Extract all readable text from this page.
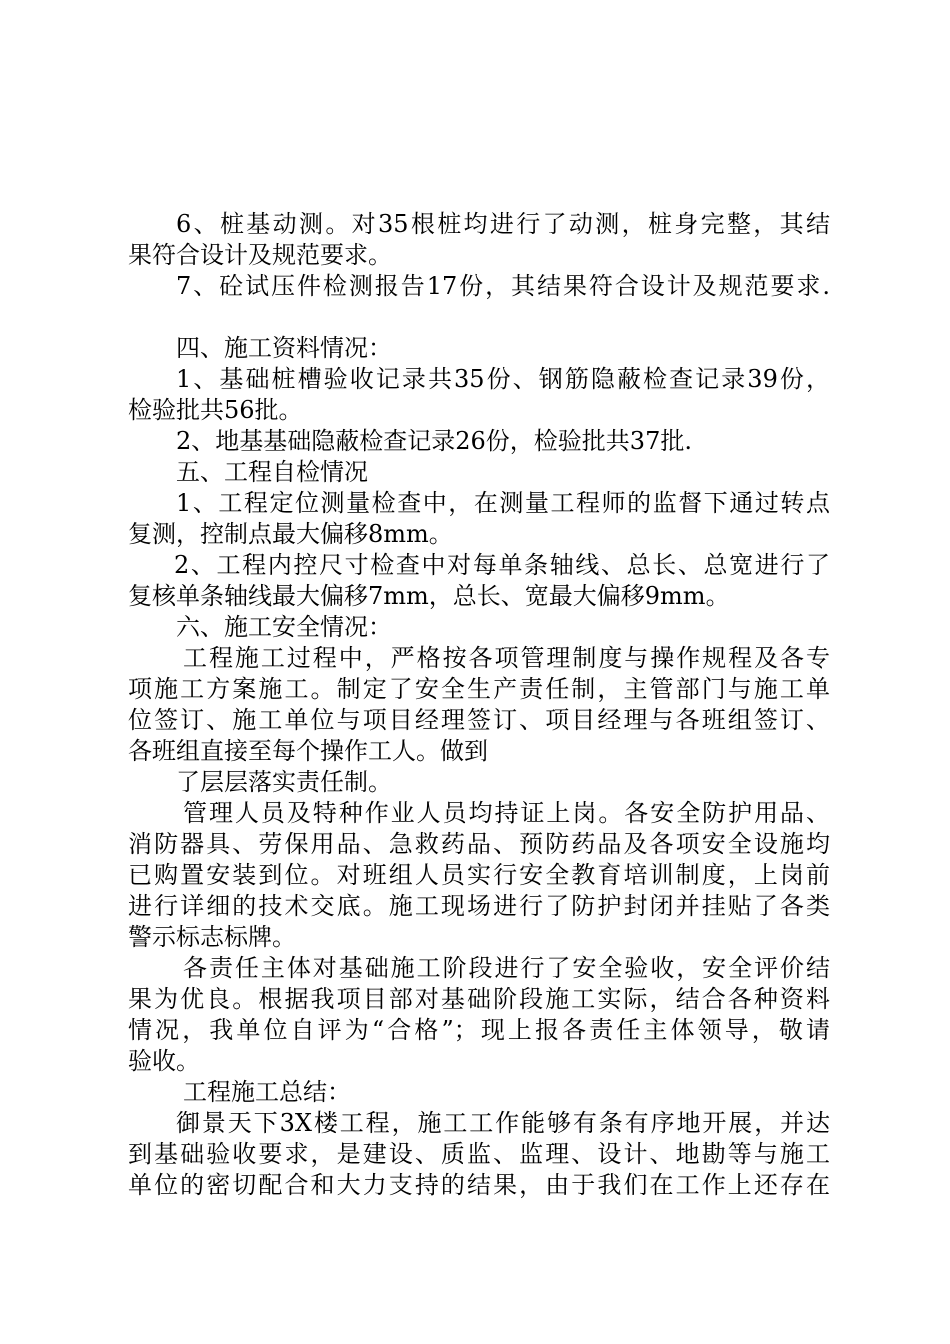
6、桩基动测。对35根桩均进行了动测，桩身完整，其结
果符合设计及规范要求。
7、砼试压件检测报告17份，其结果符合设计及规范要求.
四、施工资料情况：
1、基础桩槽验收记录共35份、钢筋隐蔽检查记录39份，
检验批共56批。
2、地基基础隐蔽检查记录26份，检验批共37批.
五、工程自检情况
1、工程定位测量检查中，在测量工程师的监督下通过转点
复测，控制点最大偏移8mm。
2、工程内控尺寸检查中对每单条轴线、总长、总宽进行了
复核单条轴线最大偏移7mm，总长、宽最大偏移9mm。
六、施工安全情况：
工程施工过程中，严格按各项管理制度与操作规程及各专
项施工方案施工。制定了安全生产责任制，主管部门与施工单
位签订、施工单位与项目经理签订、项目经理与各班组签订、
各班组直接至每个操作工人。做到
了层层落实责任制。
管理人员及特种作业人员均持证上岗。各安全防护用品、
消防器具、劳保用品、急救药品、预防药品及各项安全设施均
已购置安装到位。对班组人员实行安全教育培训制度，上岗前
进行详细的技术交底。施工现场进行了防护封闭并挂贴了各类
警示标志标牌。
各责任主体对基础施工阶段进行了安全验收，安全评价结
果为优良。根据我项目部对基础阶段施工实际，结合各种资料
情况，我单位自评为“合格”；现上报各责任主体领导，敬请
验收。
工程施工总结：
御景天下3X楼工程，施工工作能够有条有序地开展，并达
到基础验收要求，是建设、质监、监理、设计、地勘等与施工
单位的密切配合和大力支持的结果，由于我们在工作上还存在
